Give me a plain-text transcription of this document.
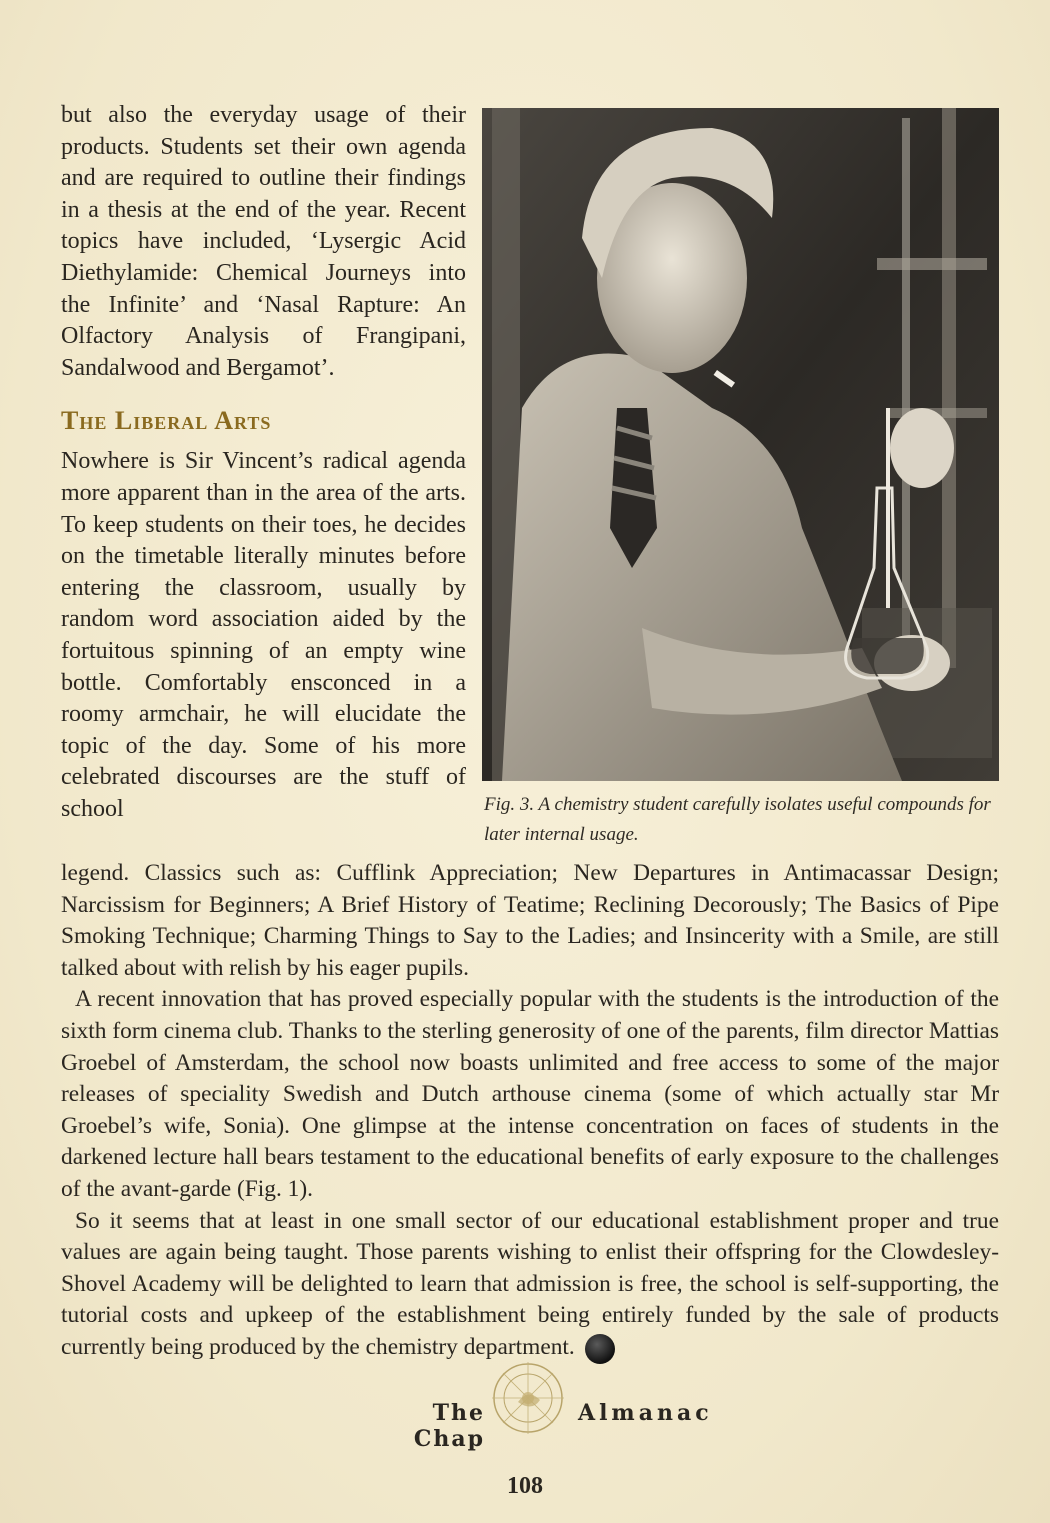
but also the everyday usage of their products. Students set their own agenda and are required to outline their findings in a thesis at the end of the year. Recent topics have included, ‘Lysergic Acid Diethylamide: Chemical Journeys into the Infinite’ and ‘Nasal Rapture: An Olfactory Analysis of Frangipani, Sandalwood and Bergamot’.

The Liberal Arts

Nowhere is Sir Vincent’s radical agenda more apparent than in the area of the arts. To keep students on their toes, he decides on the timetable literally minutes before entering the classroom, usually by random word association aided by the fortuitous spinning of an empty wine bottle. Comfortably ensconced in a roomy armchair, he will elucidate the topic of the day. Some of his more celebrated discourses are the stuff of school	Fig. 3. A chemistry student carefully isolates useful compounds for later internal usage.

legend. Classics such as: Cufflink Appreciation; New Departures in Antimacassar Design; Narcissism for Beginners; A Brief History of Teatime; Reclining Decorously; The Basics of Pipe Smoking Technique; Charming Things to Say to the Ladies; and Insincerity with a Smile, are still talked about with relish by his eager pupils.

A recent innovation that has proved especially popular with the students is the introduction of the sixth form cinema club. Thanks to the sterling generosity of one of the parents, film director Mattias Groebel of Amsterdam, the school now boasts unlimited and free access to some of the major releases of speciality Swedish and Dutch arthouse cinema (some of which actually star Mr Groebel’s wife, Sonia). One glimpse at the intense concentration on faces of students in the darkened lecture hall bears testament to the educational benefits of early exposure to the challenges of the avant-garde (Fig. 1).

So it seems that at least in one small sector of our educational establishment proper and true values are again being taught. Those parents wishing to enlist their offspring for the Clowdesley-Shovel Academy will be delighted to learn that admission is free, the school is self-supporting, the tutorial costs and upkeep of the establishment being entirely funded by the sale of products currently being produced by the chemistry department.

The Chap
Almanac
108
